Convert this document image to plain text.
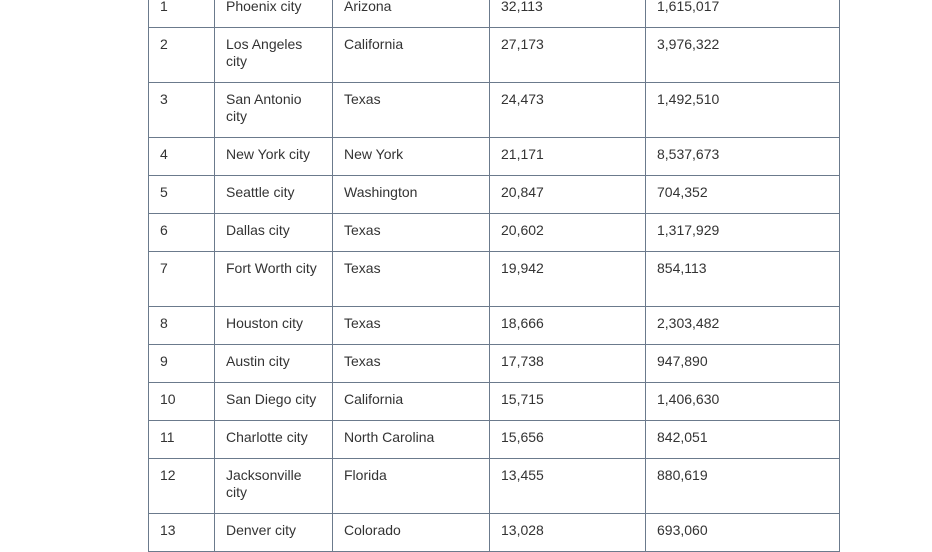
1	Phoenix city	Arizona	32,113	1,615,017
2	Los Angeles city	California	27,173	3,976,322
3	San Antonio city	Texas	24,473	1,492,510
4	New York city	New York	21,171	8,537,673
5	Seattle city	Washington	20,847	704,352
6	Dallas city	Texas	20,602	1,317,929
7	Fort Worth city	Texas	19,942	854,113
8	Houston city	Texas	18,666	2,303,482
9	Austin city	Texas	17,738	947,890
10	San Diego city	California	15,715	1,406,630
11	Charlotte city	North Carolina	15,656	842,051
12	Jacksonville city	Florida	13,455	880,619
13	Denver city	Colorado	13,028	693,060
